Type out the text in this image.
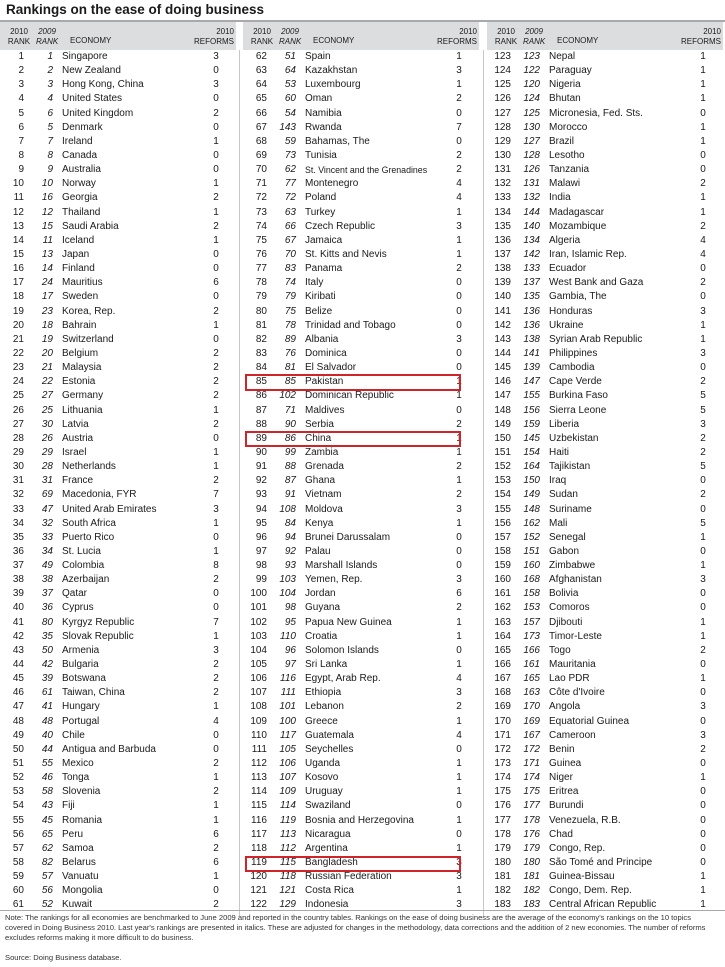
Rankings on the ease of doing business
2010
RANK
2009
RANK ECONOMY
2010
REFORMS
1	1 Singapore	3
2	2 New Zealand	0
3	3 Hong Kong, China	3
4	4 United States	0
5	6 United Kingdom	2
6	5 Denmark	0
7	7 Ireland	1
8	8 Canada	0
9	9 Australia	0
10	10 Norway	1
11	16 Georgia	2
12	12 Thailand	1
13	15 Saudi Arabia	2
14	11 Iceland	1
15	13 Japan	0
16	14 Finland	0
17	24 Mauritius	6
18	17 Sweden	0
19	23 Korea, Rep.	2
20	18 Bahrain	1
21	19 Switzerland	0
22	20 Belgium	2
23	21 Malaysia	2
24	22 Estonia	2
25	27 Germany	2
26	25 Lithuania	1
27	30 Latvia	2
28	26 Austria	0
29	29 Israel	1
30	28 Netherlands	1
31	31 France	2
32	69 Macedonia, FYR	7
33	47 United Arab Emirates	3
34	32 South Africa	1
35	33 Puerto Rico	0
36	34 St. Lucia	1
37	49 Colombia	8
38	38 Azerbaijan	2
39	37 Qatar	0
40	36 Cyprus	0
41	80 Kyrgyz Republic	7
42	35 Slovak Republic	1
43	50 Armenia	3
44	42 Bulgaria	2
45	39 Botswana	2
46	61 Taiwan, China	2
47	41 Hungary	1
48	48 Portugal	4
49	40 Chile	0
50	44 Antigua and Barbuda	0
51	55 Mexico	2
52	46 Tonga	1
53	58 Slovenia	2
54	43 Fiji	1
55	45 Romania	1
56	65 Peru	6
57	62 Samoa	2
58	82 Belarus	6
59	57 Vanuatu	1
60	56 Mongolia	0
61	52 Kuwait	2
2010
RANK
2009
RANK ECONOMY
2010
REFORMS
62	51 Spain	1
63	64 Kazakhstan	3
64	53 Luxembourg	1
65	60 Oman	2
66	54 Namibia	0
67	143 Rwanda	7
68	59 Bahamas, The	0
69	73 Tunisia	2
70	62 St. Vincent and the Grenadines	2
71	77 Montenegro	4
72	72 Poland	4
73	63 Turkey	1
74	66 Czech Republic	3
75	67 Jamaica	1
76	70 St. Kitts and Nevis	1
77	83 Panama	2
78	74 Italy	0
79	79 Kiribati	0
80	75 Belize	0
81	78 Trinidad and Tobago	0
82	89 Albania	3
83	76 Dominica	0
84	81 El Salvador	0
85	85 Pakistan	1
86	102 Dominican Republic	1
87	71 Maldives	0
88	90 Serbia	2
89	86 China	1
90	99 Zambia	1
91	88 Grenada	2
92	87 Ghana	1
93	91 Vietnam	2
94	108 Moldova	3
95	84 Kenya	1
96	94 Brunei Darussalam	0
97	92 Palau	0
98	93 Marshall Islands	0
99	103 Yemen, Rep.	3
100	104 Jordan	6
101	98 Guyana	2
102	95 Papua New Guinea	1
103	110 Croatia	1
104	96 Solomon Islands	0
105	97 Sri Lanka	1
106	116 Egypt, Arab Rep.	4
107	111 Ethiopia	3
108	101 Lebanon	2
109	100 Greece	1
110	117 Guatemala	4
111	105 Seychelles	0
112	106 Uganda	1
113	107 Kosovo	1
114	109 Uruguay	1
115	114 Swaziland	0
116	119 Bosnia and Herzegovina	1
117	113 Nicaragua	0
118	112 Argentina	1
119	115 Bangladesh	3
120	118 Russian Federation	3
121	121 Costa Rica	1
122	129 Indonesia	3
2010
RANK
2009
RANK ECONOMY
2010
REFORMS
123	123 Nepal	1
124	122 Paraguay	1
125	120 Nigeria	1
126	124 Bhutan	1
127	125 Micronesia, Fed. Sts.	0
128	130 Morocco	1
129	127 Brazil	1
130	128 Lesotho	0
131	126 Tanzania	0
132	131 Malawi	2
133	132 India	1
134	144 Madagascar	1
135	140 Mozambique	2
136	134 Algeria	4
137	142 Iran, Islamic Rep.	4
138	133 Ecuador	0
139	137 West Bank and Gaza	2
140	135 Gambia, The	0
141	136 Honduras	3
142	136 Ukraine	1
143	138 Syrian Arab Republic	1
144	141 Philippines	3
145	139 Cambodia	0
146	147 Cape Verde	2
147	155 Burkina Faso	5
148	156 Sierra Leone	5
149	159 Liberia	3
150	145 Uzbekistan	2
151	154 Haiti	2
152	164 Tajikistan	5
153	150 Iraq	0
154	149 Sudan	2
155	148 Suriname	0
156	162 Mali	5
157	152 Senegal	1
158	151 Gabon	0
159	160 Zimbabwe	1
160	168 Afghanistan	3
161	158 Bolivia	0
162	153 Comoros	0
163	157 Djibouti	1
164	173 Timor-Leste	1
165	166 Togo	2
166	161 Mauritania	0
167	165 Lao PDR	1
168	163 Côte d'Ivoire	0
169	170 Angola	3
170	169 Equatorial Guinea	0
171	167 Cameroon	3
172	172 Benin	2
173	171 Guinea	0
174	174 Niger	1
175	175 Eritrea	0
176	177 Burundi	0
177	178 Venezuela, R.B.	0
178	176 Chad	0
179	179 Congo, Rep.	0
180	180 São Tomé and Principe	0
181	181 Guinea-Bissau	1
182	182 Congo, Dem. Rep.	1
183	183 Central African Republic	1
Note: The rankings for all economies are benchmarked to June 2009 and reported in the country tables. Rankings on the ease of doing business are the average of the economy's rankings on the 10 topics covered in Doing Business 2010. Last year's rankings are presented in italics. These are adjusted for changes in the methodology, data corrections and the addition of 2 new economies. The number of reforms excludes reforms making it more difficult to do business.
Source: Doing Business database.
